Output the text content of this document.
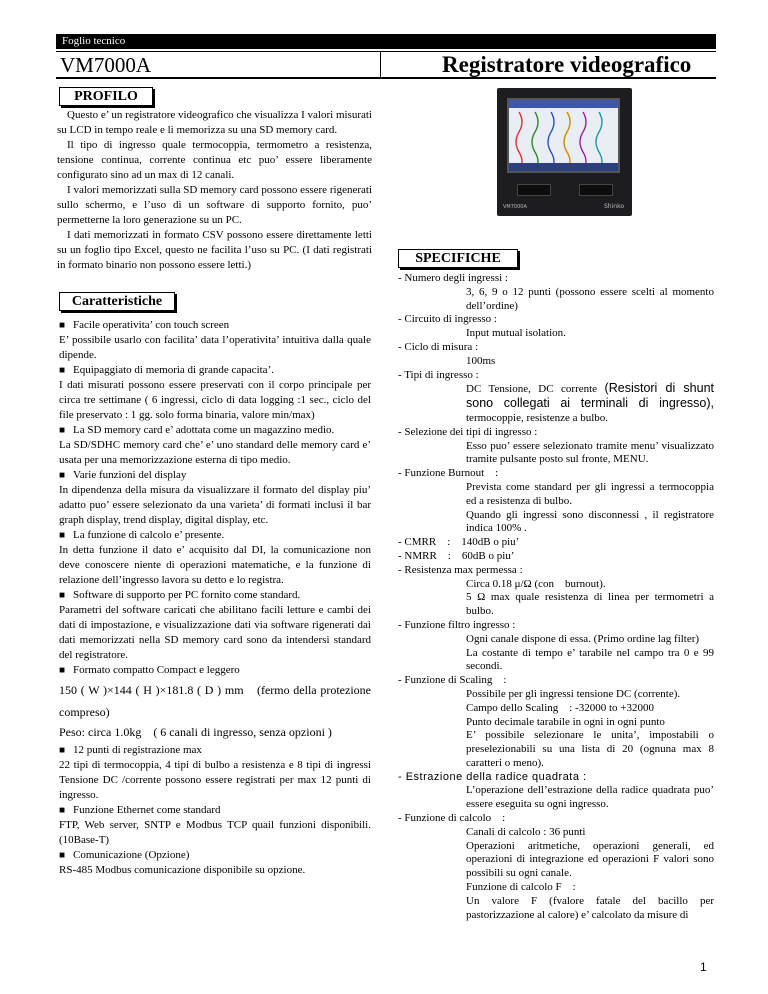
Foglio tecnico
VM7000A	Registratore videografico
PROFILO

Questo e’ un registratore videografico che visualizza I valori misurati su LCD in tempo reale e li memorizza su una SD memory card.

Il tipo di ingresso quale termocoppia, termometro a resistenza, tensione continua, corrente continua etc puo’ essere liberamente configurato sino ad un max di 12 canali.

I valori memorizzati sulla SD memory card possono essere rigenerati sullo schermo, e l’uso di un software di supporto fornito, puo’ permetterne la loro generazione su un PC.

I dati memorizzati in formato CSV possono essere direttamente letti su un foglio tipo Excel, questo ne facilita l’uso su PC. (I dati registrati in formato binario non possono essere letti.)

Caratteristiche

■ Facile operativita’ con touch screen

E’ possibile usarlo con facilita’ data l’operativita’ intuitiva dalla quale dipende.

■ Equipaggiato di memoria di grande capacita’.

I dati misurati possono essere preservati con il corpo principale per circa tre settimane ( 6 ingressi, ciclo di data logging :1 sec., ciclo del file preservato : 1 gg. solo forma binaria, valore min/max)

■ La SD memory card e’ adottata come un magazzino medio.

La SD/SDHC memory card che’ e’ uno standard delle memory card e’ usata per una memorizzazione esterna di tipo medio.

■ Varie funzioni del display

In dipendenza della misura da visualizzare il formato del display piu’ adatto puo’ essere selezionato da una varieta’ di formati inclusi il bar graph display, trend display, digital display, etc.

■ La funzione di calcolo e’ presente.

In detta funzione il dato e’ acquisito dal DI, la comunicazione non deve conoscere niente di operazioni matematiche, e la funzione di relazione dell’ingresso lavora su detto e lo registra.

■ Software di supporto per PC fornito come standard.

Parametri del software caricati che abilitano facili letture e cambi dei dati di impostazione, e visualizzazione dati via software rigenerati dai dati memorizzati nella SD memory card sono da intendersi standard del registratore.

■ Formato compatto Compact e leggero

150 ( W )×144 ( H )×181.8 ( D ) mm　(fermo della protezione compreso)

Peso: circa 1.0kg　( 6 canali di ingresso, senza opzioni )

■ 12 punti di registrazione max

22 tipi di termocoppia, 4 tipi di bulbo a resistenza e 8 tipi di ingressi Tensione DC /corrente possono essere registrati per max 12 punti di ingresso.

■ Funzione Ethernet come standard

FTP, Web server, SNTP e Modbus TCP quail funzioni disponibili. (10Base-T)

■ Comunicazione (Opzione)

RS-485 Modbus comunicazione disponibile su opzione.

VM7000A	Shinko
SPECIFICHE

- Numero degli ingressi :

3, 6, 9 o 12 punti (possono essere scelti al momento dell’ordine)

- Circuito di ingresso :

Input mutual isolation.

- Ciclo di misura :

100ms

- Tipi di ingresso :

DC Tensione, DC corrente (Resistori di shunt sono collegati ai terminali di ingresso), termocoppie, resistenze a bulbo.

- Selezione dei tipi di ingresso :

Esso puo’ essere selezionato tramite menu’ visualizzato tramite pulsante posto sul fronte, MENU.

- Funzione Burnout　:

Prevista come standard per gli ingressi a termocoppia ed a resistenza di bulbo.

Quando gli ingressi sono disconnessi , il registratore indica 100% .

- CMRR　:　140dB o piu’

- NMRR　:　60dB o piu’

- Resistenza max permessa :

Circa 0.18 μ/Ω (con　burnout).

5 Ω max quale resistenza di linea per termometri a bulbo.

- Funzione filtro ingresso :

Ogni canale dispone di essa. (Primo ordine lag filter)

La costante di tempo e’ tarabile nel campo tra 0 e 99 secondi.

- Funzione di Scaling　:

Possibile per gli ingressi tensione DC (corrente).

Campo dello Scaling　: -32000 to +32000

Punto decimale tarabile in ogni in ogni punto

E’ possibile selezionare le unita’, impostabili o preselezionabili su una lista di 20 (ognuna max 8 caratteri o meno).

- Estrazione della radice quadrata :

L’operazione dell’estrazione della radice quadrata puo’ essere eseguita su ogni ingresso.

- Funzione di calcolo　:

Canali di calcolo : 36 punti

Operazioni aritmetiche, operazioni generali, ed operazioni di integrazione ed operazioni F valori sono possibili su ogni canale.

Funzione di calcolo F　:

Un valore F (fvalore fatale del bacillo per pastorizzazione al calore) e’ calcolato da misure di

1
